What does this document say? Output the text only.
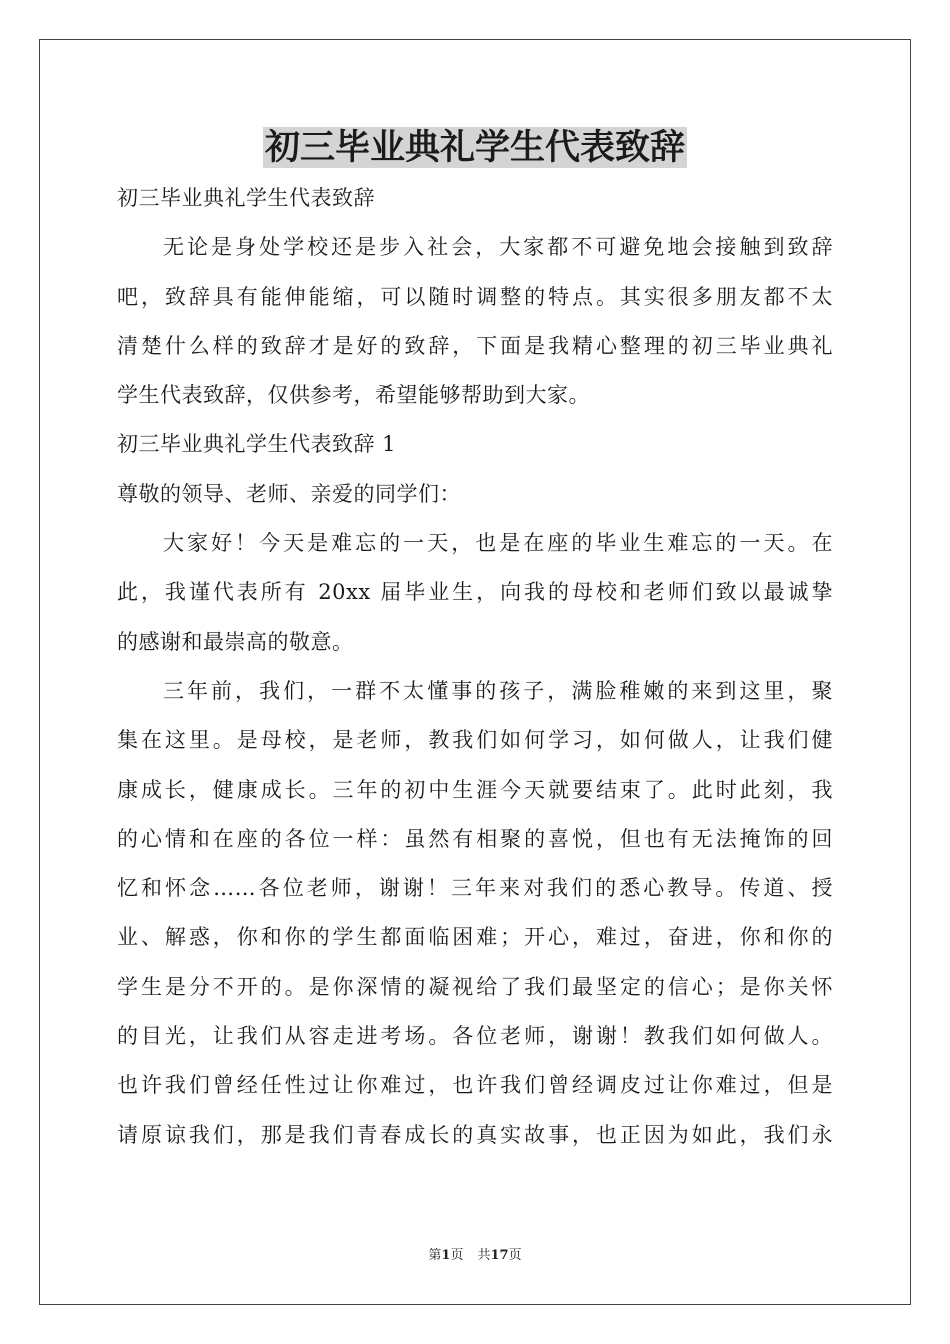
初三毕业典礼学生代表致辞
初三毕业典礼学生代表致辞
无论是身处学校还是步入社会，大家都不可避免地会接触到致辞
吧，致辞具有能伸能缩，可以随时调整的特点。其实很多朋友都不太
清楚什么样的致辞才是好的致辞，下面是我精心整理的初三毕业典礼
学生代表致辞，仅供参考，希望能够帮助到大家。
初三毕业典礼学生代表致辞 1
尊敬的领导、老师、亲爱的同学们：
大家好！今天是难忘的一天，也是在座的毕业生难忘的一天。在
此，我谨代表所有 20xx 届毕业生，向我的母校和老师们致以最诚挚
的感谢和最崇高的敬意。
三年前，我们，一群不太懂事的孩子，满脸稚嫩的来到这里，聚
集在这里。是母校，是老师，教我们如何学习，如何做人，让我们健
康成长，健康成长。三年的初中生涯今天就要结束了。此时此刻，我
的心情和在座的各位一样：虽然有相聚的喜悦，但也有无法掩饰的回
忆和怀念……各位老师，谢谢！三年来对我们的悉心教导。传道、授
业、解惑，你和你的学生都面临困难；开心，难过，奋进，你和你的
学生是分不开的。是你深情的凝视给了我们最坚定的信心；是你关怀
的目光，让我们从容走进考场。各位老师，谢谢！教我们如何做人。
也许我们曾经任性过让你难过，也许我们曾经调皮过让你难过，但是
请原谅我们，那是我们青春成长的真实故事，也正因为如此，我们永
第1页 共17页
